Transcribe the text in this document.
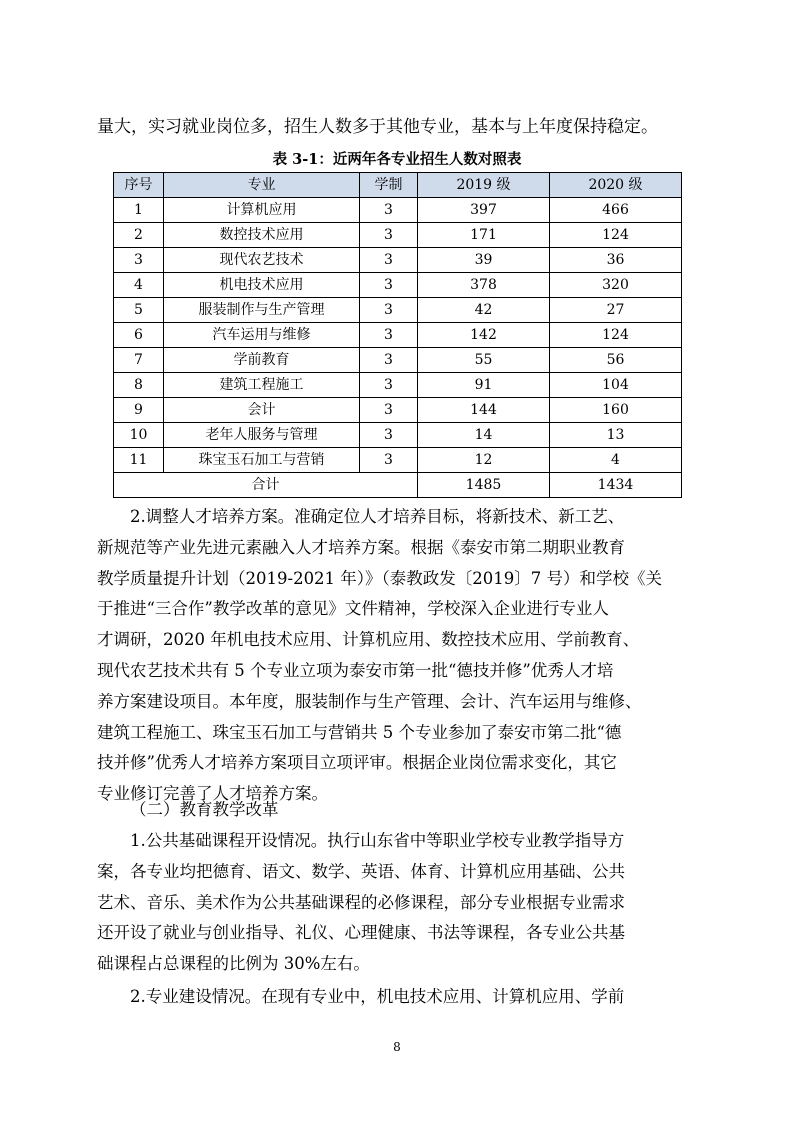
量大，实习就业岗位多，招生人数多于其他专业，基本与上年度保持稳定。
表 3-1：近两年各专业招生人数对照表
序号	专业	学制	2019 级	2020 级
1	计算机应用	3	397	466
2	数控技术应用	3	171	124
3	现代农艺技术	3	39	36
4	机电技术应用	3	378	320
5	服装制作与生产管理	3	42	27
6	汽车运用与维修	3	142	124
7	学前教育	3	55	56
8	建筑工程施工	3	91	104
9	会计	3	144	160
10	老年人服务与管理	3	14	13
11	珠宝玉石加工与营销	3	12	4
合计			1485	1434
2.调整人才培养方案。准确定位人才培养目标，将新技术、新工艺、
新规范等产业先进元素融入人才培养方案。根据《泰安市第二期职业教育
教学质量提升计划（2019-2021 年）》（泰教政发〔2019〕7 号）和学校《关
于推进“三合作”教学改革的意见》文件精神，学校深入企业进行专业人
才调研，2020 年机电技术应用、计算机应用、数控技术应用、学前教育、
现代农艺技术共有 5 个专业立项为泰安市第一批“德技并修”优秀人才培
养方案建设项目。本年度，服装制作与生产管理、会计、汽车运用与维修、
建筑工程施工、珠宝玉石加工与营销共 5 个专业参加了泰安市第二批“德
技并修”优秀人才培养方案项目立项评审。根据企业岗位需求变化，其它
专业修订完善了人才培养方案。
（二）教育教学改革
1.公共基础课程开设情况。执行山东省中等职业学校专业教学指导方
案，各专业均把德育、语文、数学、英语、体育、计算机应用基础、公共
艺术、音乐、美术作为公共基础课程的必修课程，部分专业根据专业需求
还开设了就业与创业指导、礼仪、心理健康、书法等课程，各专业公共基
础课程占总课程的比例为 30%左右。
2.专业建设情况。在现有专业中，机电技术应用、计算机应用、学前
8
